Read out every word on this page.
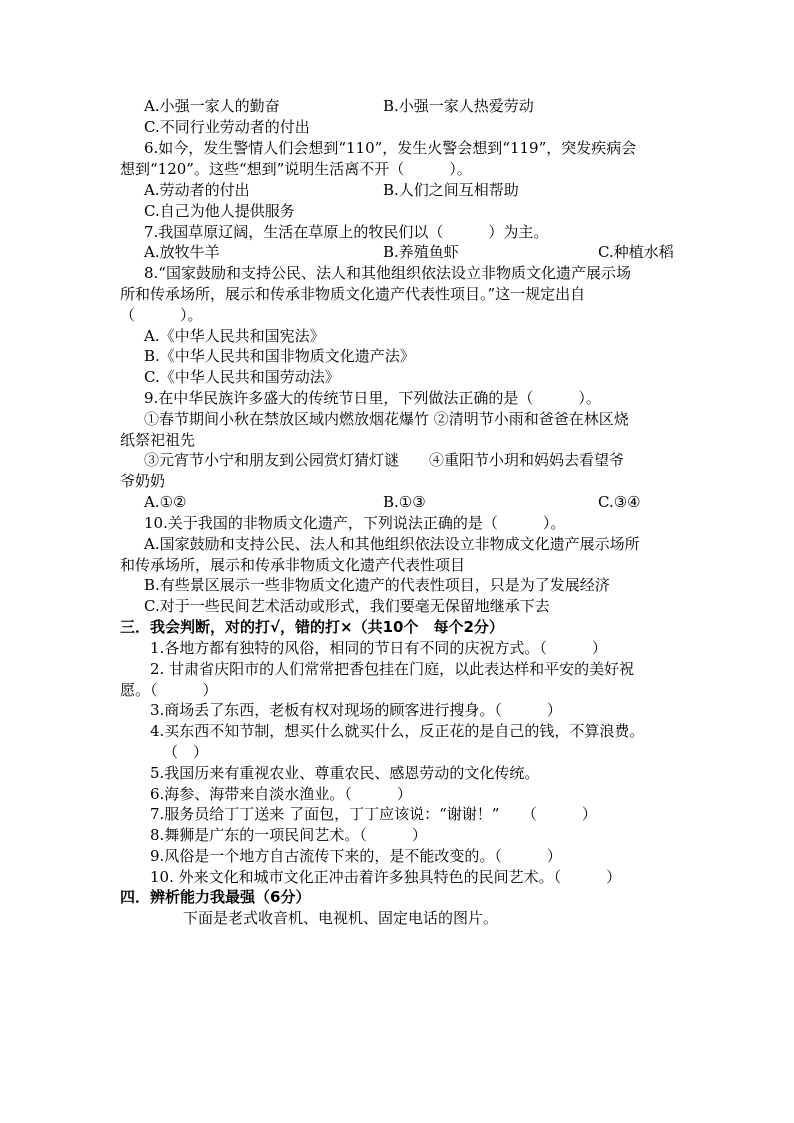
A.小强一家人的勤奋	B.小强一家人热爱劳动
C.不同行业劳动者的付出
6.如今，发生警情人们会想到“110”，发生火警会想到“119”，突发疾病会
想到“120”。这些“想到”说明生活离不开（　　　）。
A.劳动者的付出	B.人们之间互相帮助
C.自己为他人提供服务
7.我国草原辽阔，生活在草原上的牧民们以（　　　）为主。
A.放牧牛羊	B.养殖鱼虾	C.种植水稻
8.“国家鼓励和支持公民、法人和其他组织依法设立非物质文化遗产展示场
所和传承场所，展示和传承非物质文化遗产代表性项目。”这一规定出自
（　　　）。
A.《中华人民共和国宪法》
B.《中华人民共和国非物质文化遗产法》
C.《中华人民共和国劳动法》
9.在中华民族许多盛大的传统节日里，下列做法正确的是（　　　）。
①春节期间小秋在禁放区域内燃放烟花爆竹 ②清明节小雨和爸爸在林区烧
纸祭祀祖先
③元宵节小宁和朋友到公园赏灯猜灯谜　　④重阳节小玥和妈妈去看望爷
爷奶奶
A.①②	B.①③	C.③④
10.关于我国的非物质文化遗产，下列说法正确的是（　　　）。
A.国家鼓励和支持公民、法人和其他组织依法设立非物成文化遗产展示场所
和传承场所，展示和传承非物质文化遗产代表性项目
B.有些景区展示一些非物质文化遗产的代表性项目，只是为了发展经济
C.对于一些民间艺术活动或形式，我们要毫无保留地继承下去
三．我会判断，对的打√，错的打×（共10个　每个2分）
1.各地方都有独特的风俗，相同的节日有不同的庆祝方式。（　　　）
2. 甘肃省庆阳市的人们常常把香包挂在门庭，以此表达样和平安的美好祝
愿。（　　　）
3.商场丢了东西，老板有权对现场的顾客进行搜身。（　　　）
4.买东西不知节制，想买什么就买什么，反正花的是自己的钱，不算浪费。
（　）
5.我国历来有重视农业、尊重农民、感恩劳动的文化传统。
6.海参、海带来自淡水渔业。（　　　）
7.服务员给丁丁送来 了面包，丁丁应该说：“谢谢！”　　（　　　）
8.舞狮是广东的一项民间艺术。（　　　）
9.风俗是一个地方自古流传下来的，是不能改变的。（　　　）
10. 外来文化和城市文化正冲击着许多独具特色的民间艺术。（　　　）
四．辨析能力我最强（6分）
下面是老式收音机、电视机、固定电话的图片。
